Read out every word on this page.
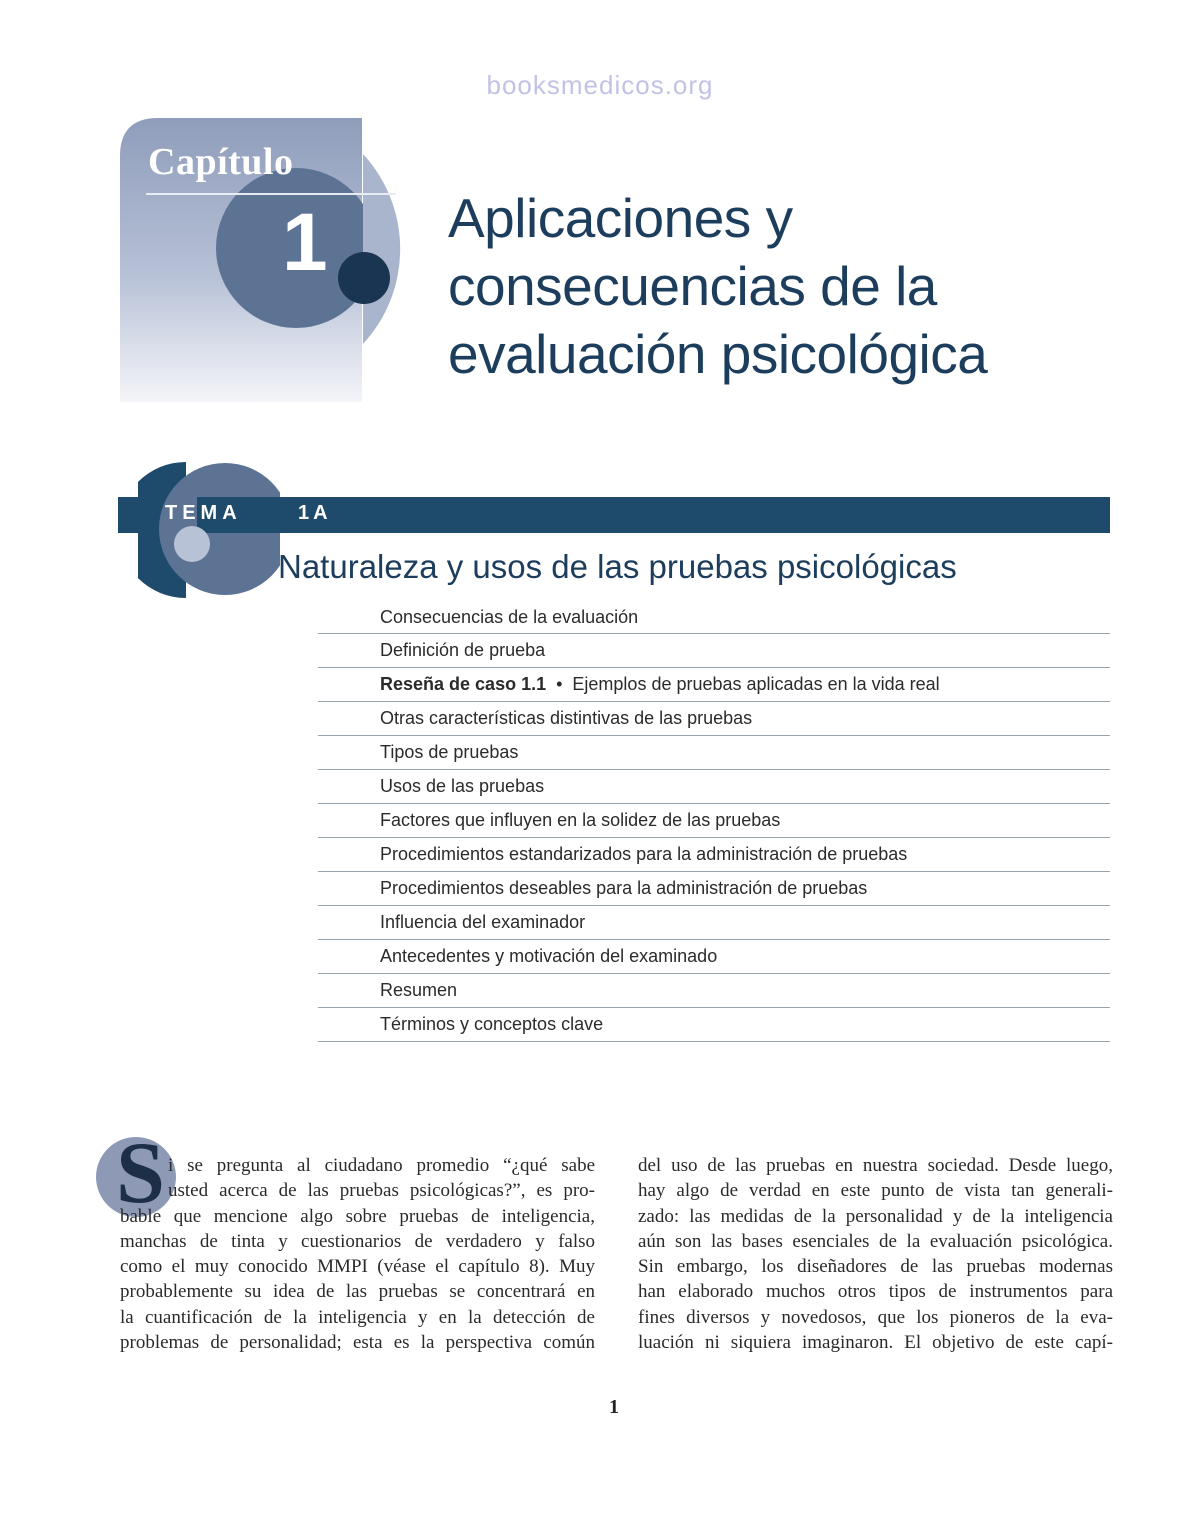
booksmedicos.org
Capítulo
1 Aplicaciones y
consecuencias de la
evaluación psicológica
TEMA	1A
Naturaleza y usos de las pruebas psicológicas
Consecuencias de la evaluación
Definición de prueba
Reseña de caso 1.1  •  Ejemplos de pruebas aplicadas en la vida real
Otras características distintivas de las pruebas
Tipos de pruebas
Usos de las pruebas
Factores que influyen en la solidez de las pruebas
Procedimientos estandarizados para la administración de pruebas
Procedimientos deseables para la administración de pruebas
Influencia del examinador
Antecedentes y motivación del examinado
Resumen
Términos y conceptos clave
S i se pregunta al ciudadano promedio “¿qué sabe
usted acerca de las pruebas psicológicas?”, es pro-
bable que mencione algo sobre pruebas de inteligencia,
manchas de tinta y cuestionarios de verdadero y falso
como el muy conocido MMPI (véase el capítulo 8). Muy
probablemente su idea de las pruebas se concentrará en
la cuantificación de la inteligencia y en la detección de
problemas de personalidad; esta es la perspectiva común
del uso de las pruebas en nuestra sociedad. Desde luego,
hay algo de verdad en este punto de vista tan generali-
zado: las medidas de la personalidad y de la inteligencia
aún son las bases esenciales de la evaluación psicológica.
Sin embargo, los diseñadores de las pruebas modernas
han elaborado muchos otros tipos de instrumentos para
fines diversos y novedosos, que los pioneros de la eva-
luación ni siquiera imaginaron. El objetivo de este capí-
1
